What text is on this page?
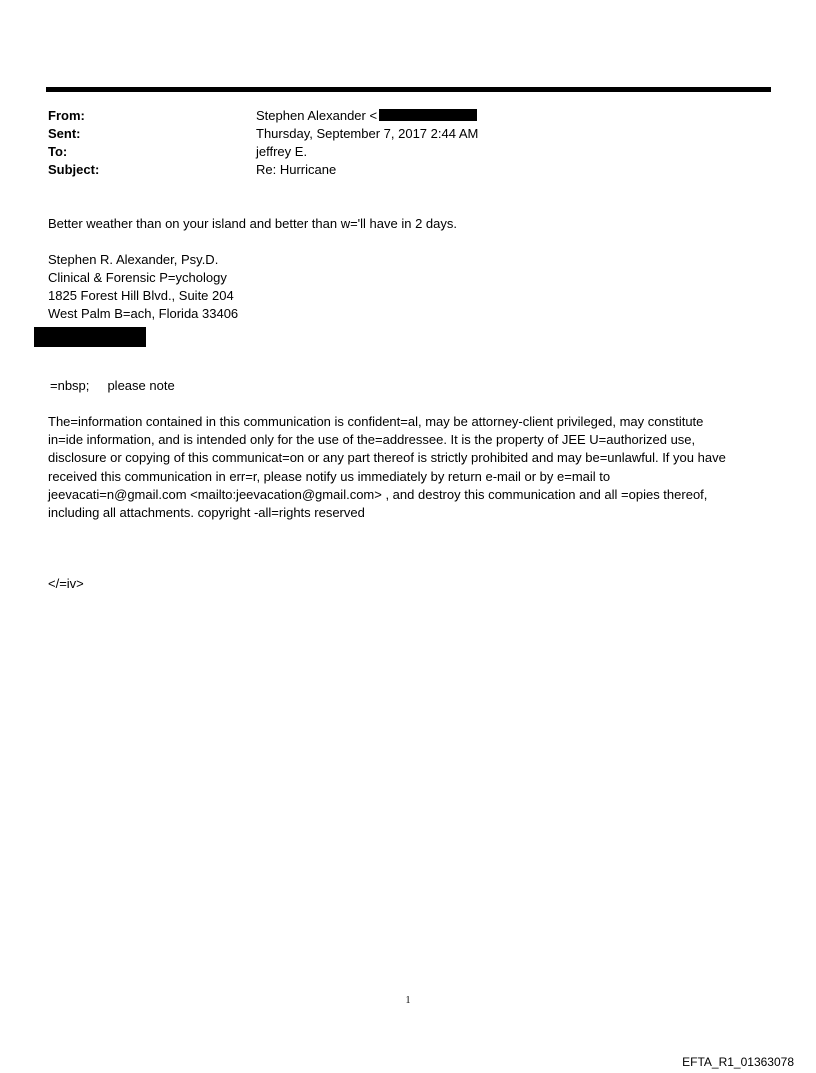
From:	Stephen Alexander <
Sent:	Thursday, September 7, 2017 2:44 AM
To:	jeffrey E.
Subject:	Re: Hurricane
Better weather than on your island and better than w='ll have in 2 days.
Stephen R. Alexander, Psy.D.
Clinical & Forensic P=ychology
1825 Forest Hill Blvd., Suite 204
West Palm B=ach, Florida 33406
=nbsp;     please note
The=information contained in this communication is confident=al, may be attorney-client privileged, may constitute
in=ide information, and is intended only for the use of the=addressee. It is the property of JEE U=authorized use,
disclosure or copying of this communicat=on or any part thereof is strictly prohibited and may be=unlawful. If you have
received this communication in err=r, please notify us immediately by return e-mail or by e=mail to
jeevacati=n@gmail.com <mailto:jeevacation@gmail.com> , and destroy this communication and all =opies thereof,
including all attachments. copyright -all=rights reserved
</=iv>
1
EFTA_R1_01363078
